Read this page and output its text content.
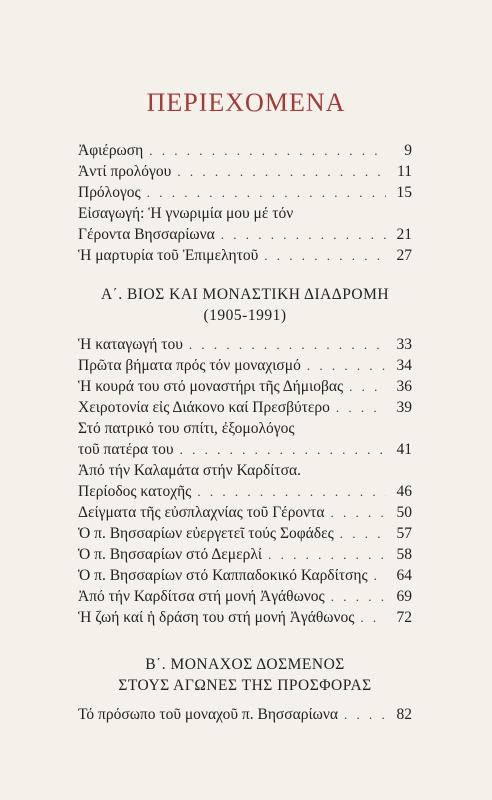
ΠΕΡΙΕΧΟΜΕΝΑ
Ἀφιέρωση . . .	9
Ἀντί προλόγου . . .	11
Πρόλογος . . .	15
Εἰσαγωγή: Ἡ γνωριμία μου μέ τόν
Γέροντα Βησσαρίωνα . . .	21
Ἡ μαρτυρία τοῦ Ἐπιμελητοῦ . . .	27
Α΄. ΒΙΟΣ ΚΑΙ ΜΟΝΑΣΤΙΚΗ ΔΙΑΔΡΟΜΗ
(1905-1991)
Ἡ καταγωγή του . . .	33
Πρῶτα βήματα πρός τόν μοναχισμό . . .	34
Ἡ κουρά του στό μοναστήρι τῆς Δήμιοβας . . .	36
Χειροτονία εἰς Διάκονο καί Πρεσβύτερο . . .	39
Στό πατρικό του σπίτι, ἐξομολόγος
τοῦ πατέρα του . . .	41
Ἀπό τήν Καλαμάτα στήν Καρδίτσα.
Περίοδος κατοχῆς . . .	46
Δείγματα τῆς εὐσπλαχνίας τοῦ Γέροντα . . .	50
Ὁ π. Βησσαρίων εὐεργετεῖ τούς Σοφάδες . . .	57
Ὁ π. Βησσαρίων στό Δεμερλί . . .	58
Ὁ π. Βησσαρίων στό Καππαδοκικό Καρδίτσης . . .	64
Ἀπό τήν Καρδίτσα στή μονή Ἀγάθωνος . . .	69
Ἡ ζωή καί ἡ δράση του στή μονή Ἀγάθωνος . . .	72
Β΄. ΜΟΝΑΧΟΣ ΔΟΣΜΕΝΟΣ
ΣΤΟΥΣ ΑΓΩΝΕΣ ΤΗΣ ΠΡΟΣΦΟΡΑΣ
Τό πρόσωπο τοῦ μοναχοῦ π. Βησσαρίωνα . . .	82
